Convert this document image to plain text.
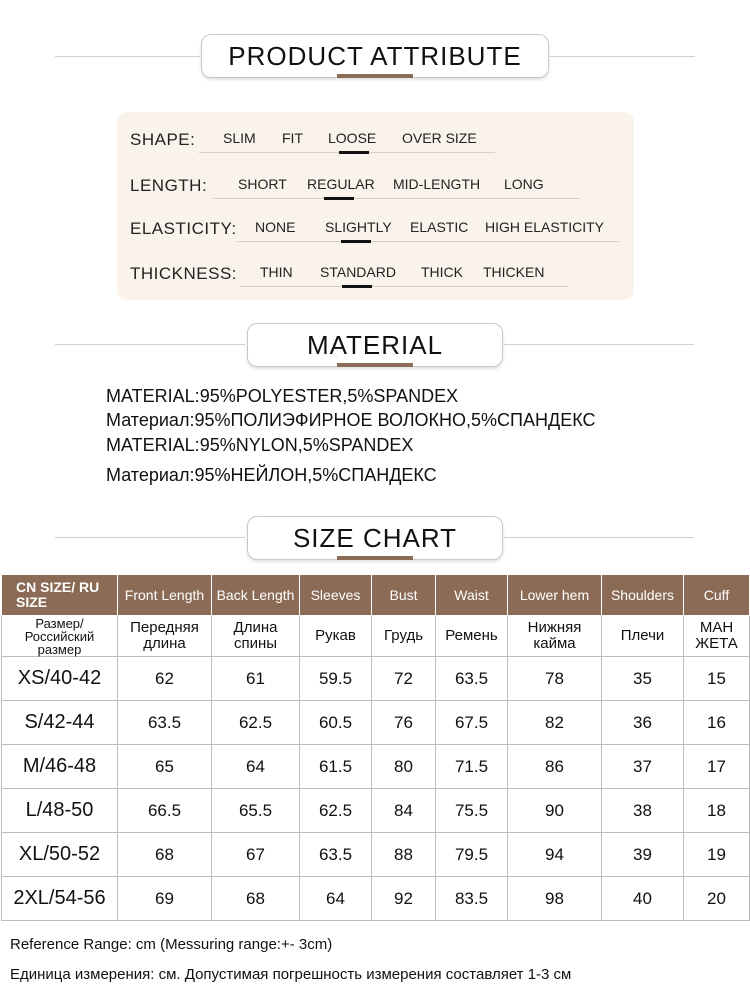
PRODUCT ATTRIBUTE
SHAPE: SLIM FIT LOOSE OVER SIZE
LENGTH: SHORT REGULAR MID-LENGTH LONG
ELASTICITY: NONE SLIGHTLY ELASTIC HIGH ELASTICITY
THICKNESS: THIN STANDARD THICK THICKEN
MATERIAL
MATERIAL:95%POLYESTER,5%SPANDEX
Материал:95%ПОЛИЭФИРНОЕ ВОЛОКНО,5%СПАНДЕКС
MATERIAL:95%NYLON,5%SPANDEX
Материал:95%НЕЙЛОН,5%СПАНДЕКС
SIZE CHART
CN SIZE/ RU SIZE	Front Length	Back Length	Sleeves	Bust	Waist	Lower hem	Shoulders	Cuff
Размер/ Российский размер	Передняя длина	Длина спины	Рукав	Грудь	Ремень	Нижняя кайма	Плечи	МАН ЖЕТА
XS/40-42	62	61	59.5	72	63.5	78	35	15
S/42-44	63.5	62.5	60.5	76	67.5	82	36	16
M/46-48	65	64	61.5	80	71.5	86	37	17
L/48-50	66.5	65.5	62.5	84	75.5	90	38	18
XL/50-52	68	67	63.5	88	79.5	94	39	19
2XL/54-56	69	68	64	92	83.5	98	40	20
Reference Range: cm (Messuring range:+- 3cm)
Единица измерения: см. Допустимая погрешность измерения составляет 1-3 см
